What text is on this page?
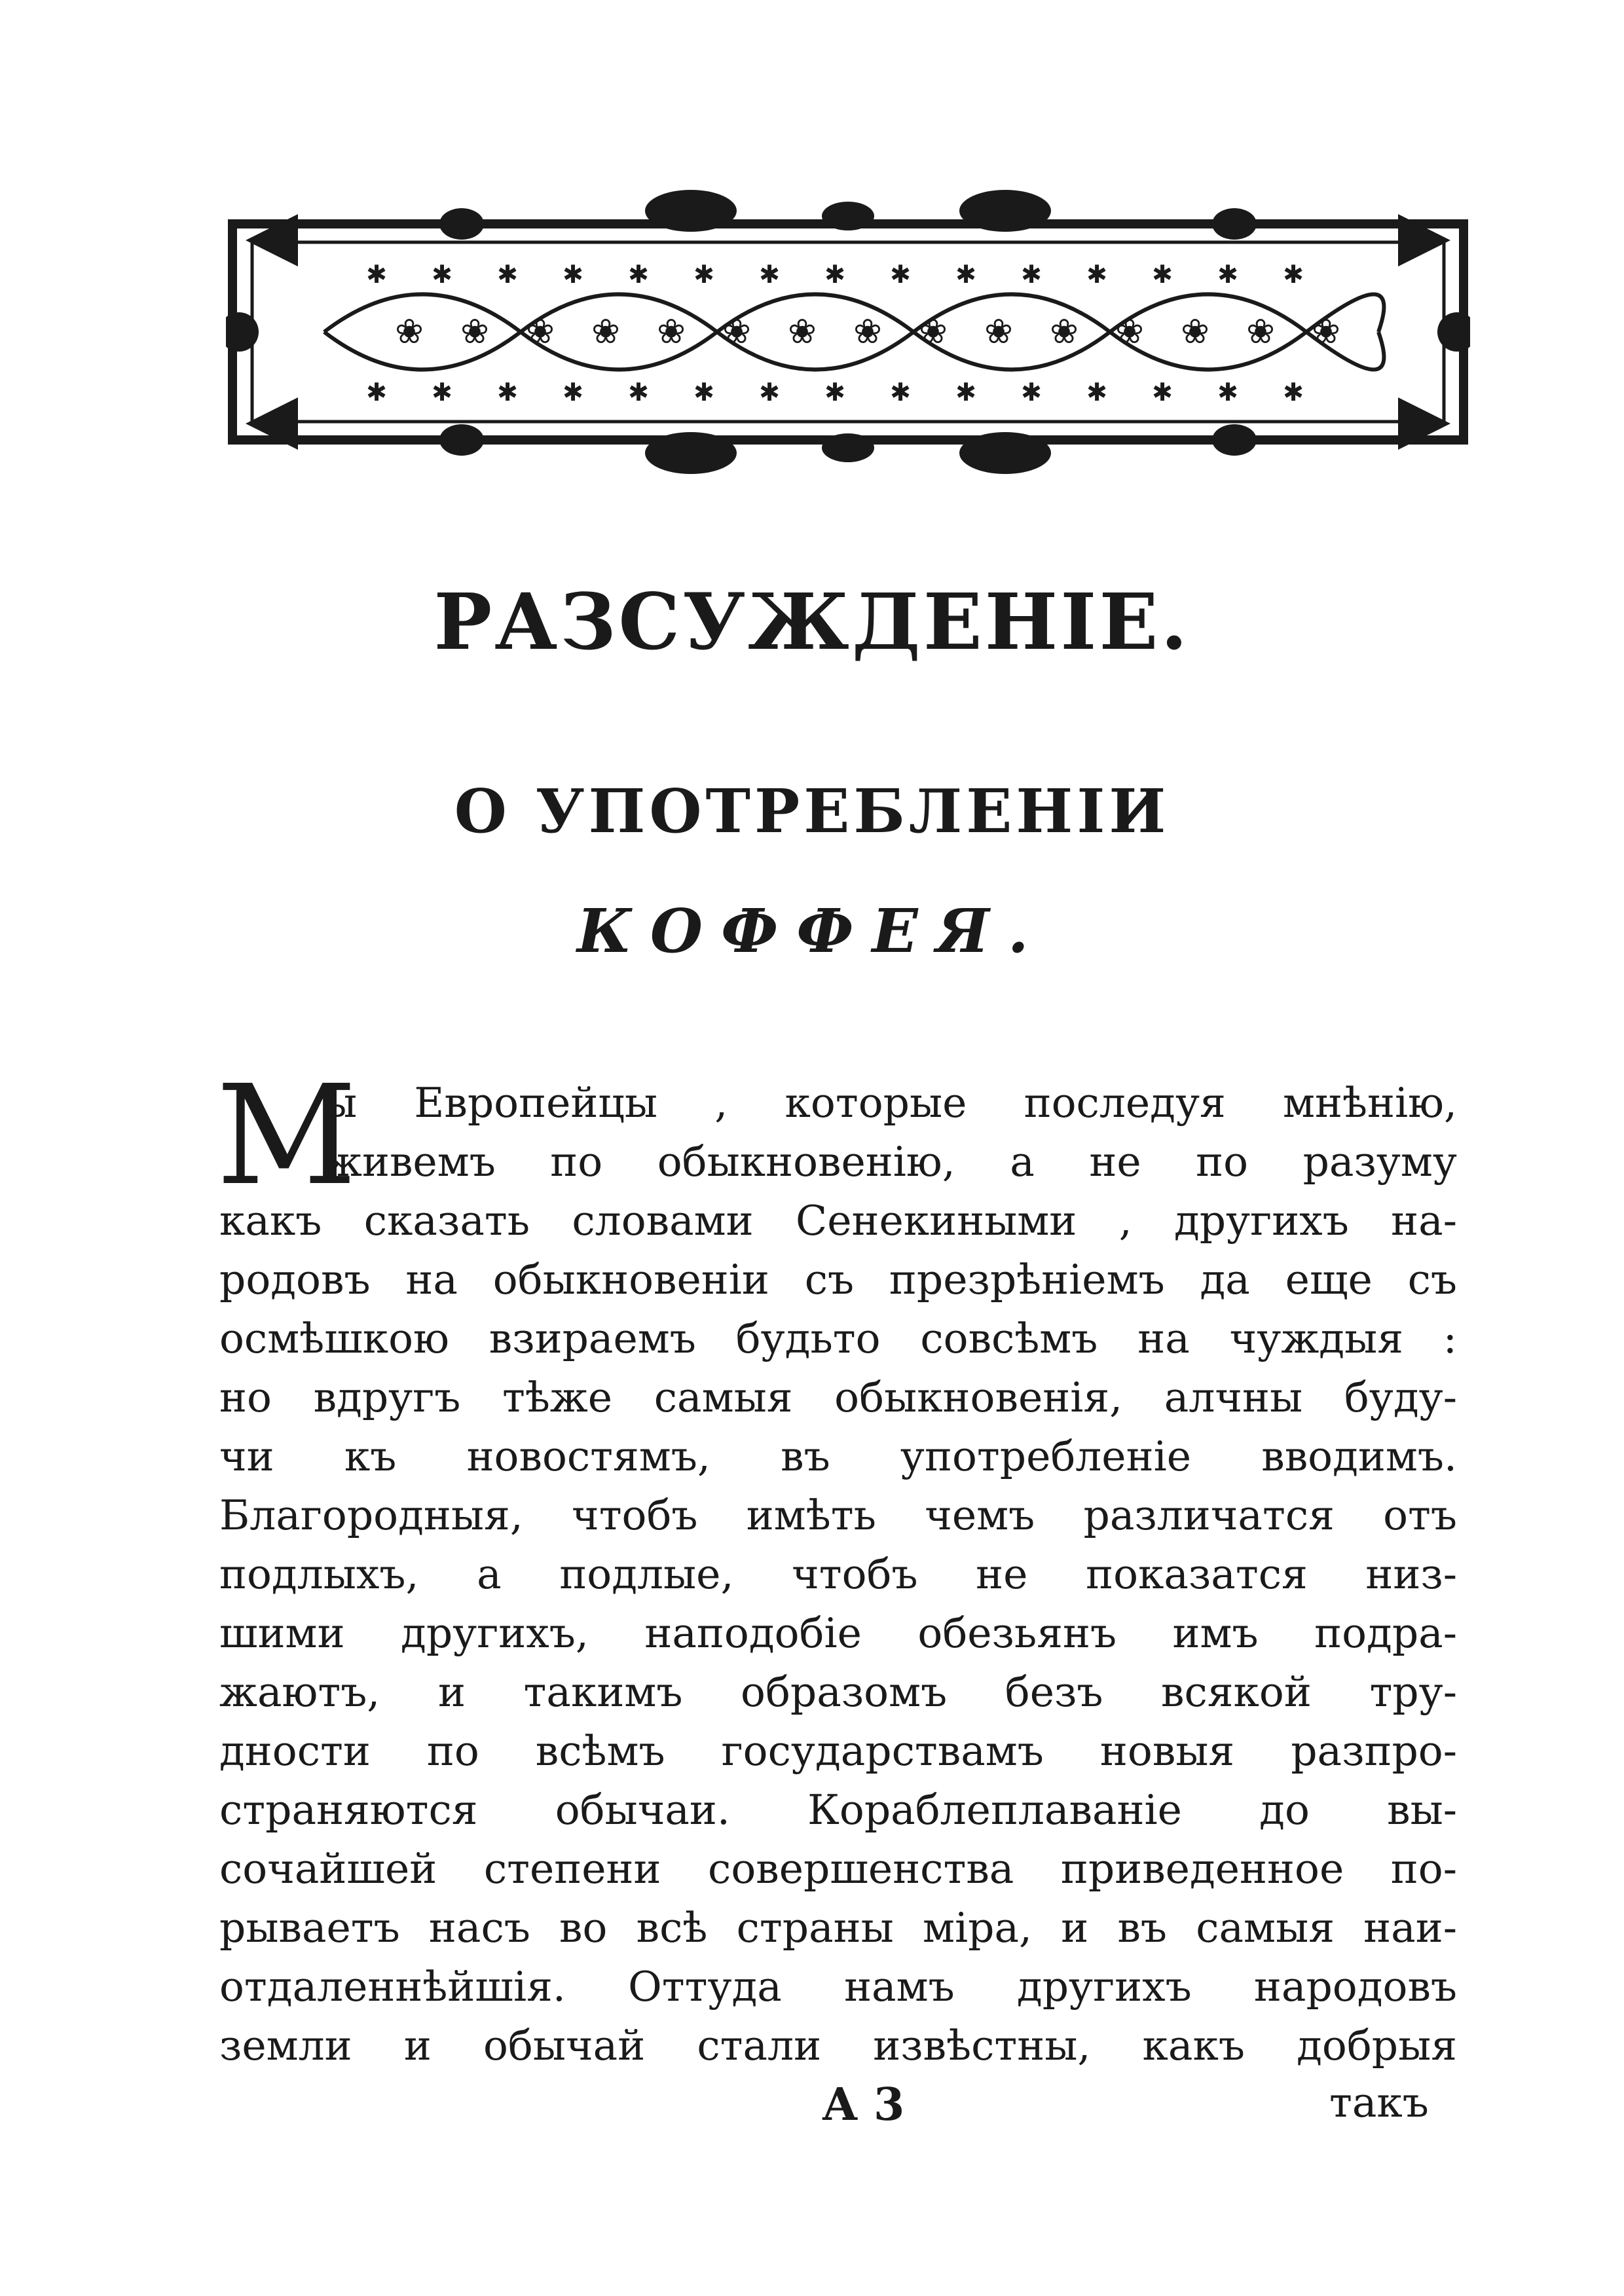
✱ ✱ ✱ ✱ ✱ ✱ ✱ ✱ ✱ ✱ ✱ ✱ ✱ ✱ ✱
✱ ✱ ✱ ✱ ✱ ✱ ✱ ✱ ✱ ✱ ✱ ✱ ✱ ✱ ✱
❀ ❀ ❀ ❀ ❀ ❀ ❀ ❀ ❀ ❀ ❀ ❀ ❀ ❀ ❀
РАЗСУЖДЕНІЕ.
О УПОТРЕБЛЕНІИ
КОФФЕЯ.
М
ы Европейцы , которые последуя мнѣнію,
живемъ по обыкновенію, а не по разуму
какъ сказать словами Сенекиными , другихъ на-
родовъ на обыкновеніи съ презрѣніемъ да еще съ
осмѣшкою взираемъ будьто совсѣмъ на чуждыя :
но вдругъ тѣже самыя обыкновенія, алчны буду-
чи къ новостямъ, въ употребленіе вводимъ.
Благородныя, чтобъ имѣть чемъ различатся отъ
подлыхъ, а подлые, чтобъ не показатся низ-
шими другихъ, наподобіе обезьянъ имъ подра-
жаютъ, и такимъ образомъ безъ всякой тру-
дности по всѣмъ государствамъ новыя разпро-
страняются обычаи. Кораблеплаваніе до вы-
сочайшей степени совершенства приведенное по-
рываетъ насъ во всѣ страны міра, и въ самыя наи-
отдаленнѣйшія. Оттуда намъ другихъ народовъ
земли и обычай стали извѣстны, какъ добрыя
А 3	такъ
